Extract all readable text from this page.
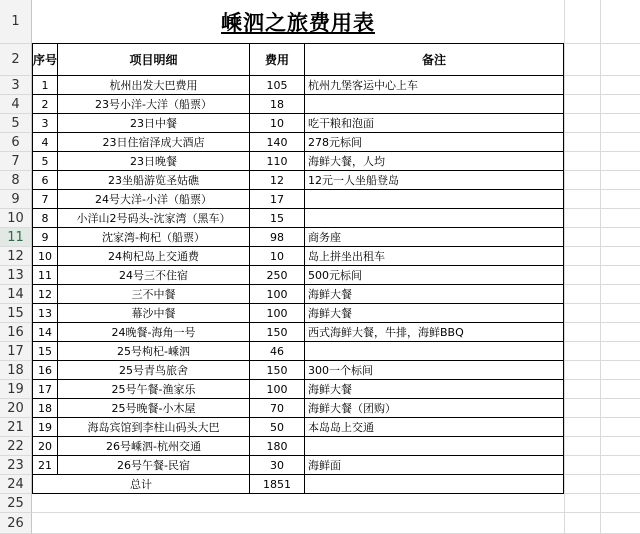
1
2
3
4
5
6
7
8
9
10
11
12
13
14
15
16
17
18
19
20
21
22
23
24
25
26
嵊泗之旅费用表
序号	项目明细	费用	备注
1	杭州出发大巴费用	105	杭州九堡客运中心上车
2	23号小洋-大洋（船票）	18
3	23日中餐	10	吃干粮和泡面
4	23日住宿泽成大酒店	140	278元标间
5	23日晚餐	110	海鲜大餐，人均
6	23坐船游览圣姑礁	12	12元一人坐船登岛
7	24号大洋-小洋（船票）	17
8	小洋山2号码头-沈家湾（黑车）	15
9	沈家湾-枸杞（船票）	98	商务座
10	24枸杞岛上交通费	10	岛上拼坐出租车
11	24号三不住宿	250	500元标间
12	三不中餐	100	海鲜大餐
13	幕沙中餐	100	海鲜大餐
14	24晚餐-海角一号	150	西式海鲜大餐，牛排，海鲜BBQ
15	25号枸杞-嵊泗	46
16	25号青鸟旅舍	150	300一个标间
17	25号午餐-渔家乐	100	海鲜大餐
18	25号晚餐-小木屋	70	海鲜大餐（团购）
19	海岛宾馆到李柱山码头大巴	50	本岛岛上交通
20	26号嵊泗-杭州交通	180
21	26号午餐-民宿	30	海鲜面
总计	1851
